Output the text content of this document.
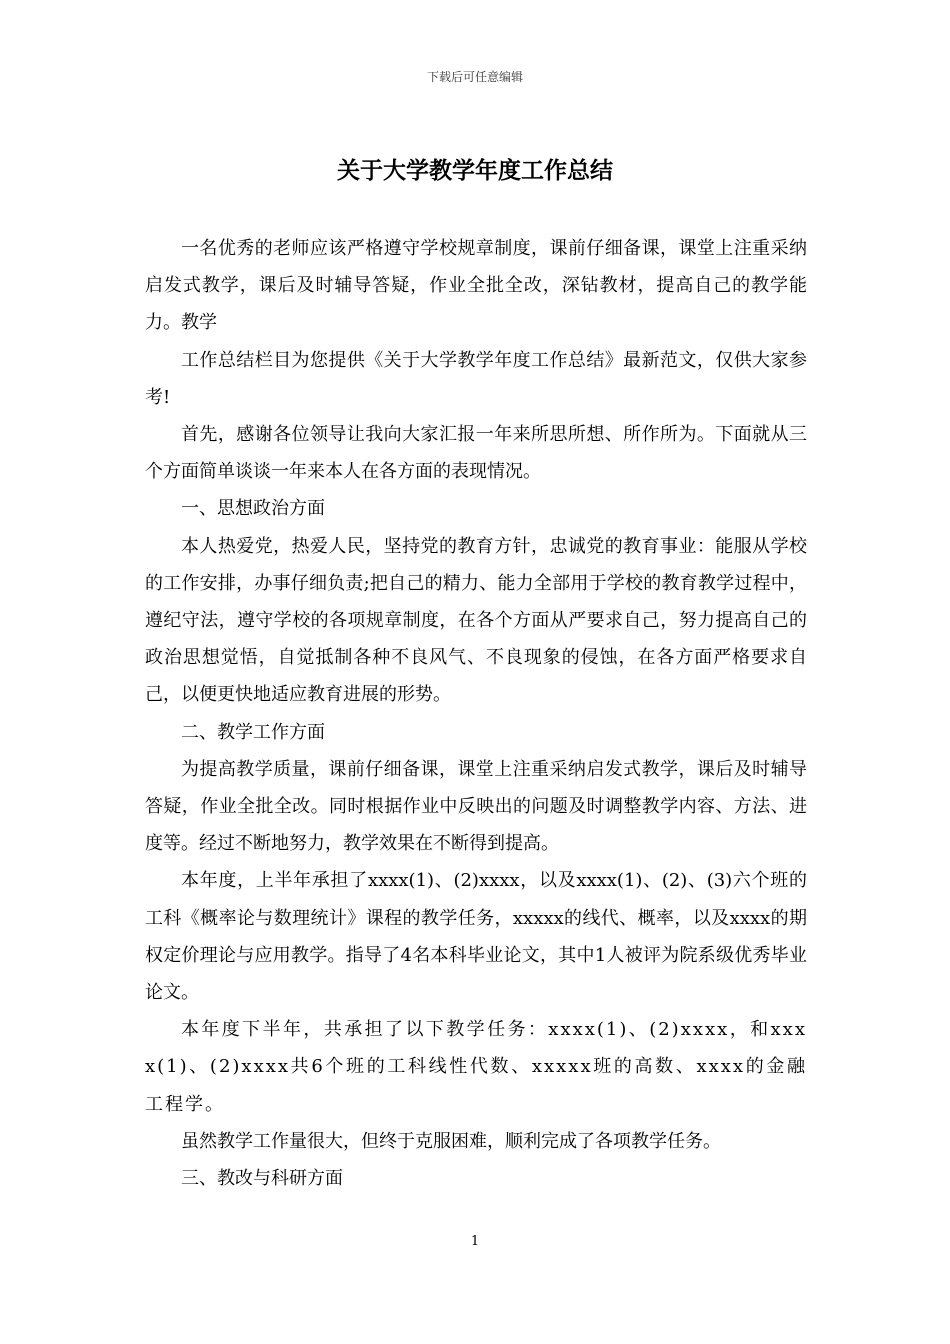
下载后可任意编辑
关于大学教学年度工作总结

一名优秀的老师应该严格遵守学校规章制度，课前仔细备课，课堂上注重采纳启发式教学，课后及时辅导答疑，作业全批全改，深钻教材，提高自己的教学能力。教学

工作总结栏目为您提供《关于大学教学年度工作总结》最新范文，仅供大家参考!

首先，感谢各位领导让我向大家汇报一年来所思所想、所作所为。下面就从三个方面简单谈谈一年来本人在各方面的表现情况。

一、思想政治方面

本人热爱党，热爱人民，坚持党的教育方针，忠诚党的教育事业：能服从学校的工作安排，办事仔细负责;把自己的精力、能力全部用于学校的教育教学过程中，遵纪守法，遵守学校的各项规章制度，在各个方面从严要求自己，努力提高自己的政治思想觉悟，自觉抵制各种不良风气、不良现象的侵蚀，在各方面严格要求自己，以便更快地适应教育进展的形势。

二、教学工作方面

为提高教学质量，课前仔细备课，课堂上注重采纳启发式教学，课后及时辅导答疑，作业全批全改。同时根据作业中反映出的问题及时调整教学内容、方法、进度等。经过不断地努力，教学效果在不断得到提高。

本年度，上半年承担了xxxx(1)、(2)xxxx，以及xxxx(1)、(2)、(3)六个班的工科《概率论与数理统计》课程的教学任务，xxxxx的线代、概率，以及xxxx的期权定价理论与应用教学。指导了4名本科毕业论文，其中1人被评为院系级优秀毕业论文。

本年度下半年，共承担了以下教学任务：xxxx(1)、(2)xxxx，和xxxx(1)、(2)xxxx共6个班的工科线性代数、xxxxx班的高数、xxxx的金融工程学。

虽然教学工作量很大，但终于克服困难，顺利完成了各项教学任务。

三、教改与科研方面

1
